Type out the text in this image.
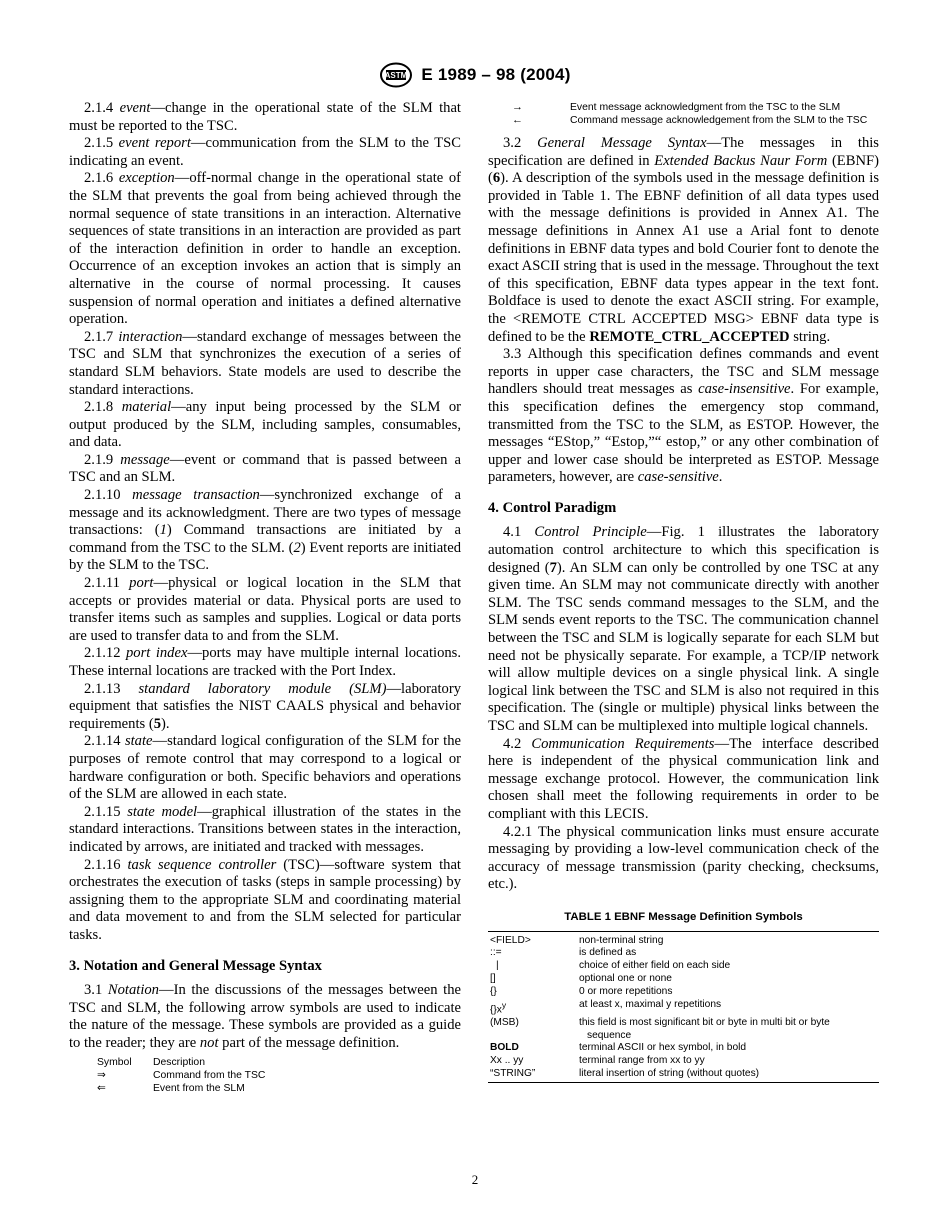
ASTM E 1989 – 98 (2004)

2.1.4 event—change in the operational state of the SLM that must be reported to the TSC.

2.1.5 event report—communication from the SLM to the TSC indicating an event.

2.1.6 exception—off-normal change in the operational state of the SLM that prevents the goal from being achieved through the normal sequence of state transitions in an interaction. Alternative sequences of state transitions in an interaction are provided as part of the interaction definition in order to handle an exception. Occurrence of an exception invokes an action that is simply an alternative in the course of normal processing. It causes suspension of normal operation and initiates a defined alternative operation.

2.1.7 interaction—standard exchange of messages between the TSC and SLM that synchronizes the execution of a series of standard SLM behaviors. State models are used to describe the standard interactions.

2.1.8 material—any input being processed by the SLM or output produced by the SLM, including samples, consumables, and data.

2.1.9 message—event or command that is passed between a TSC and an SLM.

2.1.10 message transaction—synchronized exchange of a message and its acknowledgment. There are two types of message transactions: (1) Command transactions are initiated by a command from the TSC to the SLM. (2) Event reports are initiated by the SLM to the TSC.

2.1.11 port—physical or logical location in the SLM that accepts or provides material or data. Physical ports are used to transfer items such as samples and supplies. Logical or data ports are used to transfer data to and from the SLM.

2.1.12 port index—ports may have multiple internal locations. These internal locations are tracked with the Port Index.

2.1.13 standard laboratory module (SLM)—laboratory equipment that satisfies the NIST CAALS physical and behavior requirements (5).

2.1.14 state—standard logical configuration of the SLM for the purposes of remote control that may correspond to a logical or hardware configuration or both. Specific behaviors and operations of the SLM are allowed in each state.

2.1.15 state model—graphical illustration of the states in the standard interactions. Transitions between states in the interaction, indicated by arrows, are initiated and tracked with messages.

2.1.16 task sequence controller (TSC)—software system that orchestrates the execution of tasks (steps in sample processing) by assigning them to the appropriate SLM and coordinating material and data movement to and from the SLM selected for particular tasks.

3. Notation and General Message Syntax

3.1 Notation—In the discussions of the messages between the TSC and SLM, the following arrow symbols are used to indicate the nature of the message. These symbols are provided as a guide to the reader; they are not part of the message definition.

Symbol	Description
⇒	Command from the TSC
⇐	Event from the SLM
→	Event message acknowledgment from the TSC to the SLM
←	Command message acknowledgement from the SLM to the TSC

3.2 General Message Syntax—The messages in this specification are defined in Extended Backus Naur Form (EBNF) (6). A description of the symbols used in the message definition is provided in Table 1. The EBNF definition of all data types used with the message definitions is provided in Annex A1. The message definitions in Annex A1 use a Arial font to denote definitions in EBNF data types and bold Courier font to denote the exact ASCII string that is used in the message. Throughout the text of this specification, EBNF data types appear in the text font. Boldface is used to denote the exact ASCII string. For example, the <REMOTE CTRL ACCEPTED MSG> EBNF data type is defined to be the REMOTE_CTRL_ACCEPTED string.

3.3 Although this specification defines commands and event reports in upper case characters, the TSC and SLM message handlers should treat messages as case-insensitive. For example, this specification defines the emergency stop command, transmitted from the TSC to the SLM, as ESTOP. However, the messages “EStop,” “Estop,”“ estop,” or any other combination of upper and lower case should be interpreted as ESTOP. Message parameters, however, are case-sensitive.

4. Control Paradigm

4.1 Control Principle—Fig. 1 illustrates the laboratory automation control architecture to which this specification is designed (7). An SLM can only be controlled by one TSC at any given time. An SLM may not communicate directly with another SLM. The TSC sends command messages to the SLM, and the SLM sends event reports to the TSC. The communication channel between the TSC and SLM is logically separate for each SLM but need not be physically separate. For example, a TCP/IP network will allow multiple devices on a single physical link. A single logical link between the TSC and SLM is also not required in this specification. The (single or multiple) physical links between the TSC and SLM can be multiplexed into multiple logical channels.

4.2 Communication Requirements—The interface described here is independent of the physical communication link and message exchange protocol. However, the communication link chosen shall meet the following requirements in order to be compliant with this LECIS.

4.2.1 The physical communication links must ensure accurate messaging by providing a low-level communication check of the accuracy of message transmission (parity checking, checksums, etc.).

TABLE 1 EBNF Message Definition Symbols
<FIELD>	non-terminal string
::=	is defined as
|	choice of either field on each side
[]	optional one or none
{}	0 or more repetitions
$\{\}x^y$	at least x, maximal y repetitions
(MSB)	this field is most significant bit or byte in multi bit or byte
sequence
BOLD	terminal ASCII or hex symbol, in bold
Xx .. yy	terminal range from xx to yy
“STRING”	literal insertion of string (without quotes)
2
